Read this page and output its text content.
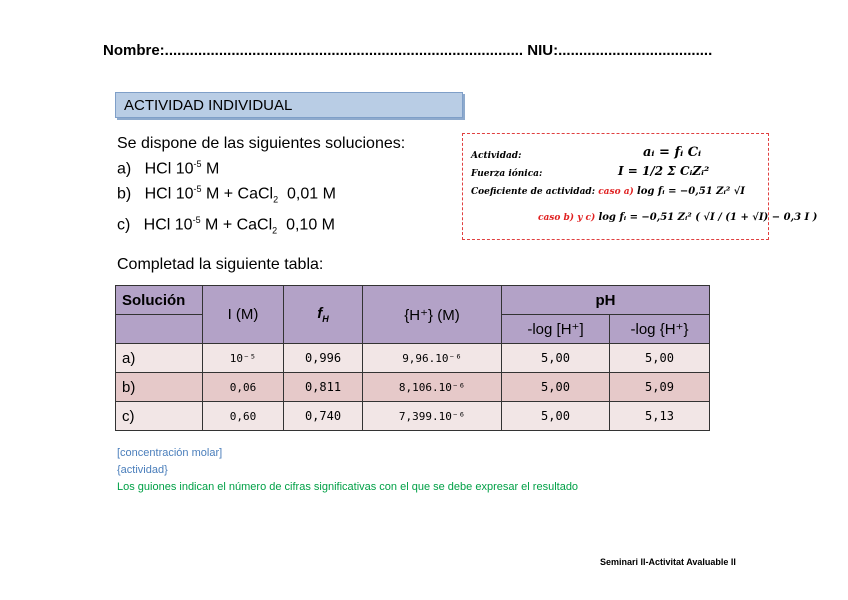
Nombre:...................................................................................... NIU:.....................................
ACTIVIDAD INDIVIDUAL
Se dispone de las siguientes soluciones:
a) HCl $10^{-5}$ M
b) HCl $10^{-5}$ M + CaCl$_2$  0,01 M
c) HCl $10^{-5}$ M + CaCl$_2$  0,10 M
Actividad:	aᵢ = fᵢ Cᵢ
Fuerza iónica:	I = 1/2 Σ CᵢZᵢ²
Coeficiente de actividad: caso a) log fᵢ = −0,51 Zᵢ² √I
caso b) y c) log fᵢ = −0,51 Zᵢ² ( √I / (1 + √I) − 0,3 I )
Completad la siguiente tabla:
Solución	I (M)	$f_H$	{H⁺} (M)	pH	
				-log [H⁺]	-log {H⁺}
a)	10⁻⁵	0,996	9,96.10⁻⁶	5,00	5,00
b)	0,06	0,811	8,106.10⁻⁶	5,00	5,09
c)	0,60	0,740	7,399.10⁻⁶	5,00	5,13
[concentración molar]
{actividad}
Los guiones indican el número de cifras significativas con el que se debe expresar el resultado
Seminari II-Activitat Avaluable II
